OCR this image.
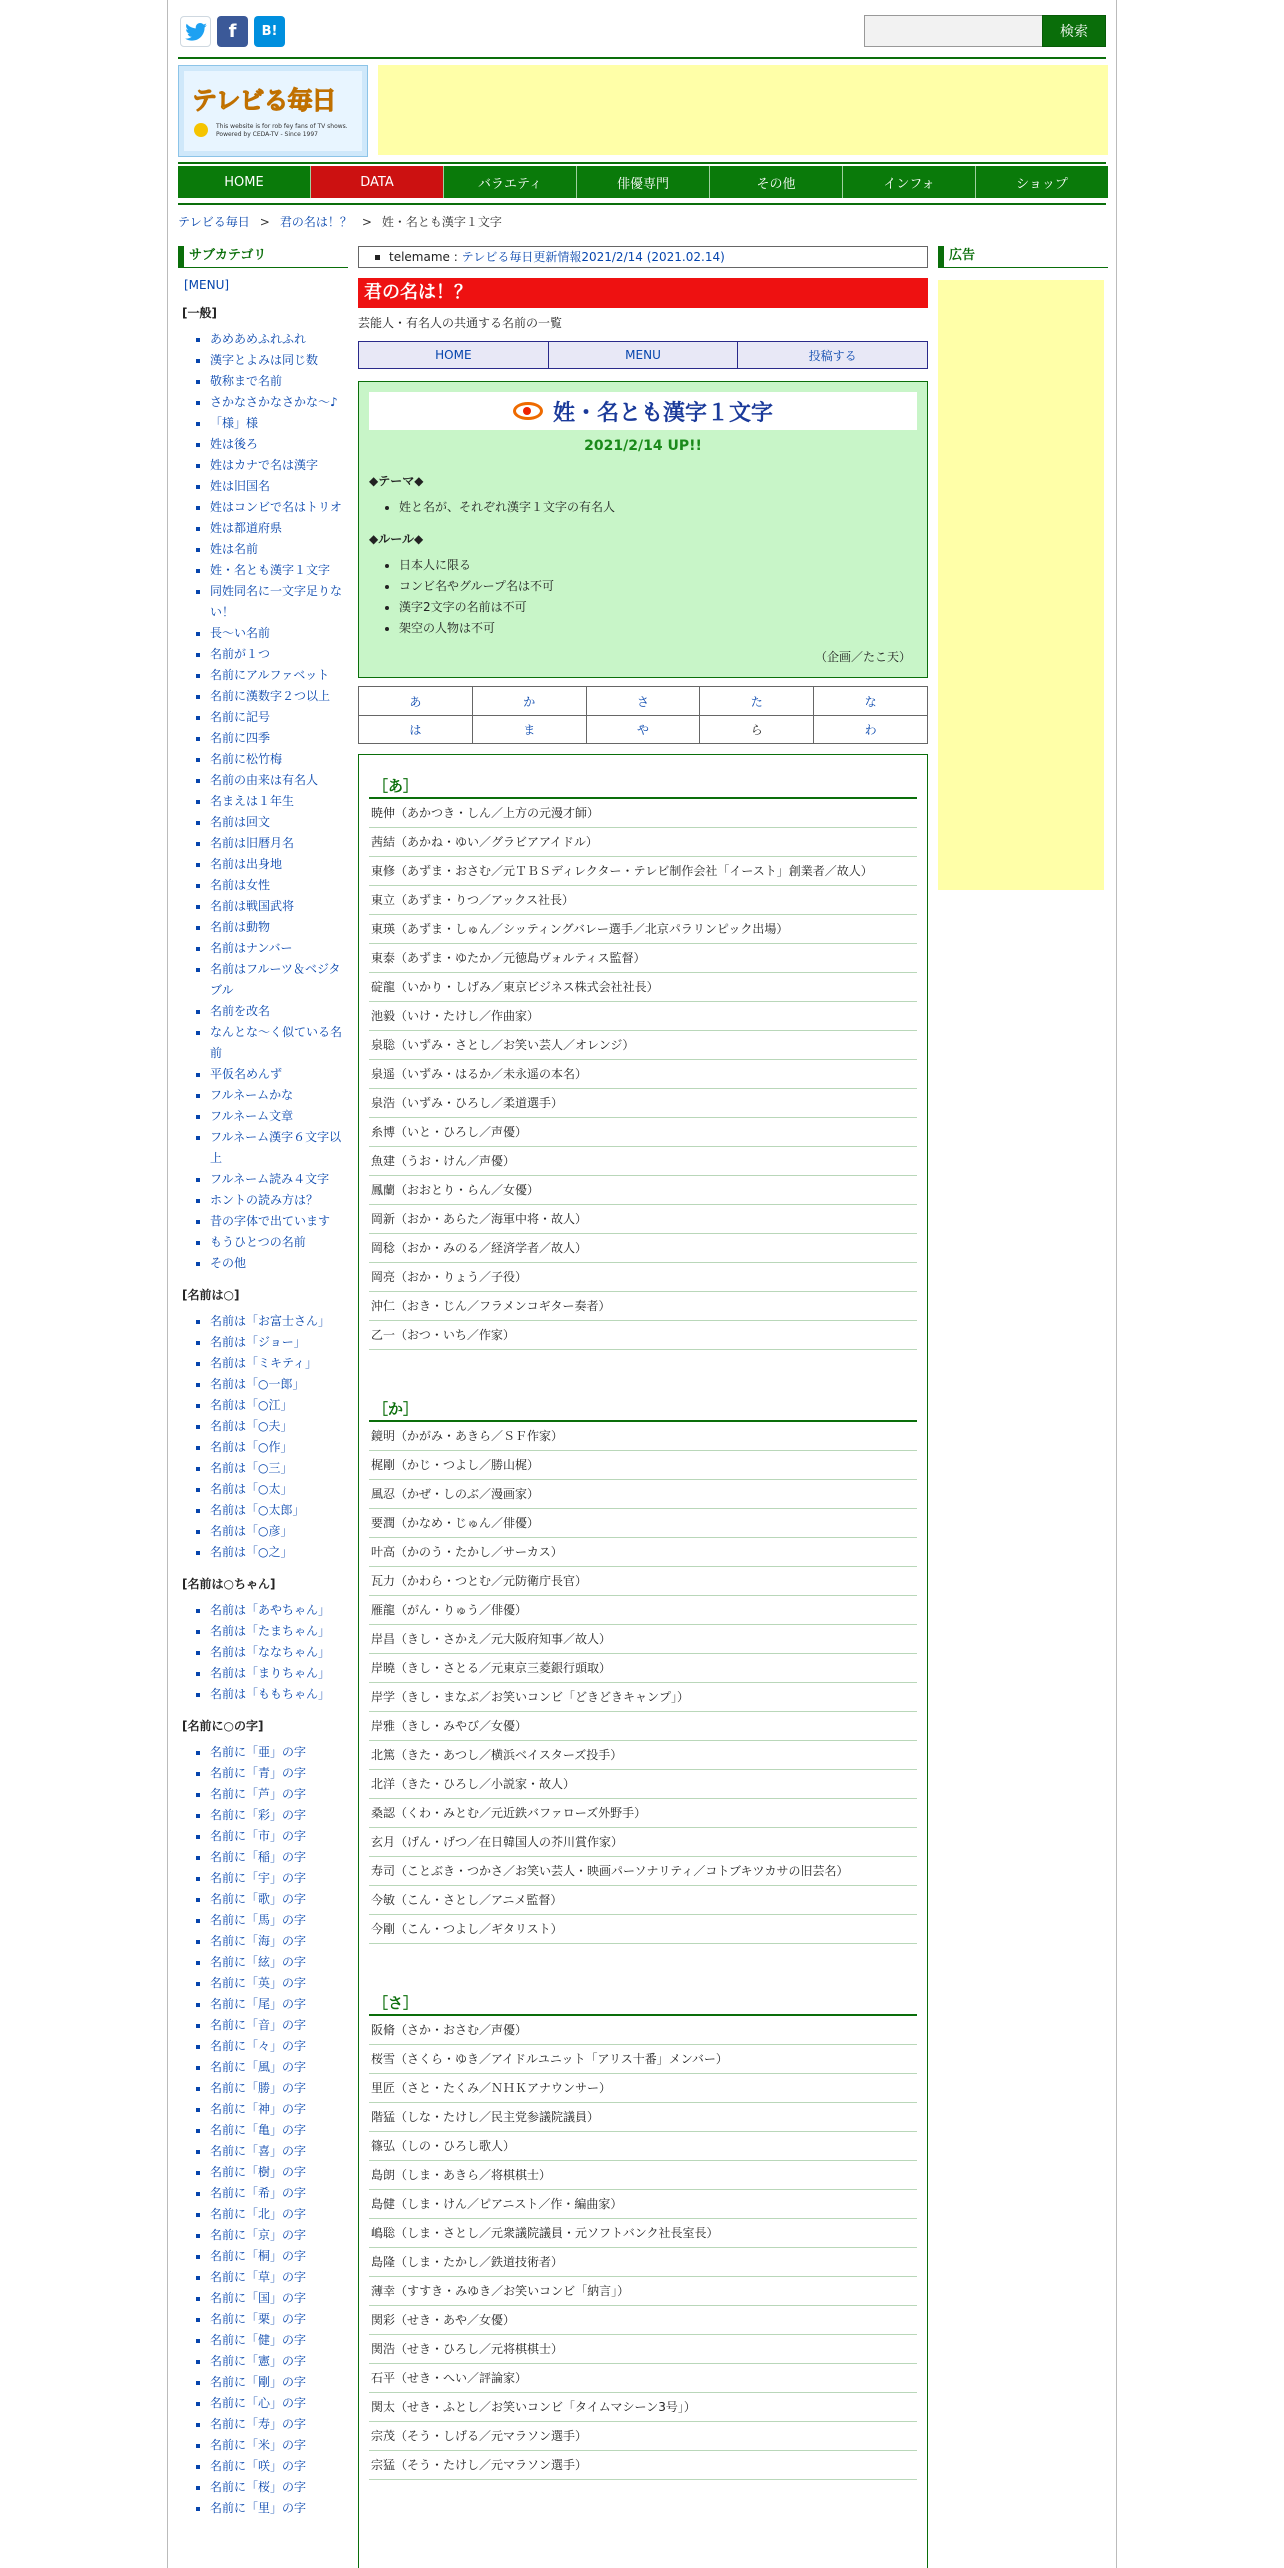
f	B!	検索
テレビる毎日
This website is for rob fey fans of TV shows. Powered by CEDA-TV - Since 1997
HOME	DATA	バラエティ	俳優専門	その他	インフォ	ショップ
テレビる毎日 > 君の名は！？ > 姓・名とも漢字１文字
サブカテゴリ
[MENU]
[一般]
▪ あめあめふれふれ
▪ 漢字とよみは同じ数
▪ 敬称まで名前
▪ さかなさかなさかな～♪
▪ 「様」様
▪ 姓は後ろ
▪ 姓はカナで名は漢字
▪ 姓は旧国名
▪ 姓はコンビで名はトリオ
▪ 姓は都道府県
▪ 姓は名前
▪ 姓・名とも漢字１文字
▪ 同姓同名に一文字足りない！
▪ 長～い名前
▪ 名前が１つ
▪ 名前にアルファベット
▪ 名前に漢数字２つ以上
▪ 名前に記号
▪ 名前に四季
▪ 名前に松竹梅
▪ 名前の由来は有名人
▪ 名まえは１年生
▪ 名前は回文
▪ 名前は旧暦月名
▪ 名前は出身地
▪ 名前は女性
▪ 名前は戦国武将
▪ 名前は動物
▪ 名前はナンバー
▪ 名前はフルーツ＆ベジタブル
▪ 名前を改名
▪ なんとな～く似ている名前
▪ 平仮名めんず
▪ フルネームかな
▪ フルネーム文章
▪ フルネーム漢字６文字以上
▪ フルネーム読み４文字
▪ ホントの読み方は？
▪ 昔の字体で出ています
▪ もうひとつの名前
▪ その他
[名前は○]
▪ 名前は「お富士さん」
▪ 名前は「ジョー」
▪ 名前は「ミキティ」
▪ 名前は「○一郎」
▪ 名前は「○江」
▪ 名前は「○夫」
▪ 名前は「○作」
▪ 名前は「○三」
▪ 名前は「○太」
▪ 名前は「○太郎」
▪ 名前は「○彦」
▪ 名前は「○之」
[名前は○ちゃん]
▪ 名前は「あやちゃん」
▪ 名前は「たまちゃん」
▪ 名前は「ななちゃん」
▪ 名前は「まりちゃん」
▪ 名前は「ももちゃん」
[名前に○の字]
▪ 名前に「亜」の字
▪ 名前に「青」の字
▪ 名前に「芦」の字
▪ 名前に「彩」の字
▪ 名前に「市」の字
▪ 名前に「稲」の字
▪ 名前に「宇」の字
▪ 名前に「歌」の字
▪ 名前に「馬」の字
▪ 名前に「海」の字
▪ 名前に「絃」の字
▪ 名前に「英」の字
▪ 名前に「尾」の字
▪ 名前に「音」の字
▪ 名前に「々」の字
▪ 名前に「風」の字
▪ 名前に「勝」の字
▪ 名前に「神」の字
▪ 名前に「亀」の字
▪ 名前に「喜」の字
▪ 名前に「樹」の字
▪ 名前に「希」の字
▪ 名前に「北」の字
▪ 名前に「京」の字
▪ 名前に「桐」の字
▪ 名前に「草」の字
▪ 名前に「国」の字
▪ 名前に「栗」の字
▪ 名前に「健」の字
▪ 名前に「憲」の字
▪ 名前に「剛」の字
▪ 名前に「心」の字
▪ 名前に「寿」の字
▪ 名前に「米」の字
▪ 名前に「咲」の字
▪ 名前に「桜」の字
▪ 名前に「里」の字
telemame : テレビる毎日更新情報2021/2/14 (2021.02.14)
君の名は！？
芸能人・有名人の共通する名前の一覧
HOME	MENU	投稿する
姓・名とも漢字１文字
2021/2/14 UP!!
◆テーマ◆
• 姓と名が、それぞれ漢字１文字の有名人
◆ルール◆
• 日本人に限る
• コンビ名やグループ名は不可
• 漢字2文字の名前は不可
• 架空の人物は不可
（企画／たこ天）
あ	か	さ	た	な
は	ま	や	ら	わ
［あ］
暁伸（あかつき・しん／上方の元漫才師）
茜結（あかね・ゆい／グラビアアイドル）
東修（あずま・おさむ／元ＴＢＳディレクター・テレビ制作会社「イースト」創業者／故人）
東立（あずま・りつ／アックス社長）
東瑛（あずま・しゅん／シッティングバレー選手／北京パラリンピック出場）
東泰（あずま・ゆたか／元徳島ヴォルティス監督）
碇龍（いかり・しげみ／東京ビジネス株式会社社長）
池毅（いけ・たけし／作曲家）
泉聡（いずみ・さとし／お笑い芸人／オレンジ）
泉遥（いずみ・はるか／未永遥の本名）
泉浩（いずみ・ひろし／柔道選手）
糸博（いと・ひろし／声優）
魚建（うお・けん／声優）
鳳蘭（おおとり・らん／女優）
岡新（おか・あらた／海軍中将・故人）
岡稔（おか・みのる／経済学者／故人）
岡亮（おか・りょう／子役）
沖仁（おき・じん／フラメンコギター奏者）
乙一（おつ・いち／作家）
［か］
鏡明（かがみ・あきら／ＳＦ作家）
梶剛（かじ・つよし／勝山梶）
風忍（かぜ・しのぶ／漫画家）
要潤（かなめ・じゅん／俳優）
叶高（かのう・たかし／サーカス）
瓦力（かわら・つとむ／元防衛庁長官）
雁龍（がん・りゅう／俳優）
岸昌（きし・さかえ／元大阪府知事／故人）
岸曉（きし・さとる／元東京三菱銀行頭取）
岸学（きし・まなぶ／お笑いコンビ「どきどきキャンプ」）
岸雅（きし・みやび／女優）
北篤（きた・あつし／横浜ベイスターズ投手）
北洋（きた・ひろし／小説家・故人）
桑認（くわ・みとむ／元近鉄バファローズ外野手）
玄月（げん・げつ／在日韓国人の芥川賞作家）
寿司（ことぶき・つかさ／お笑い芸人・映画パーソナリティ／コトブキツカサの旧芸名）
今敏（こん・さとし／アニメ監督）
今剛（こん・つよし／ギタリスト）
［さ］
阪脩（さか・おさむ／声優）
桜雪（さくら・ゆき／アイドルユニット「アリス十番」メンバー）
里匠（さと・たくみ／ＮＨＫアナウンサー）
階猛（しな・たけし／民主党参議院議員）
篠弘（しの・ひろし歌人）
島朗（しま・あきら／将棋棋士）
島健（しま・けん／ピアニスト／作・編曲家）
嶋聡（しま・さとし／元衆議院議員・元ソフトバンク社長室長）
島隆（しま・たかし／鉄道技術者）
薄幸（すすき・みゆき／お笑いコンビ「納言」）
関彩（せき・あや／女優）
関浩（せき・ひろし／元将棋棋士）
石平（せき・へい／評論家）
関太（せき・ふとし／お笑いコンビ「タイムマシーン3号」）
宗茂（そう・しげる／元マラソン選手）
宗猛（そう・たけし／元マラソン選手）
広告
